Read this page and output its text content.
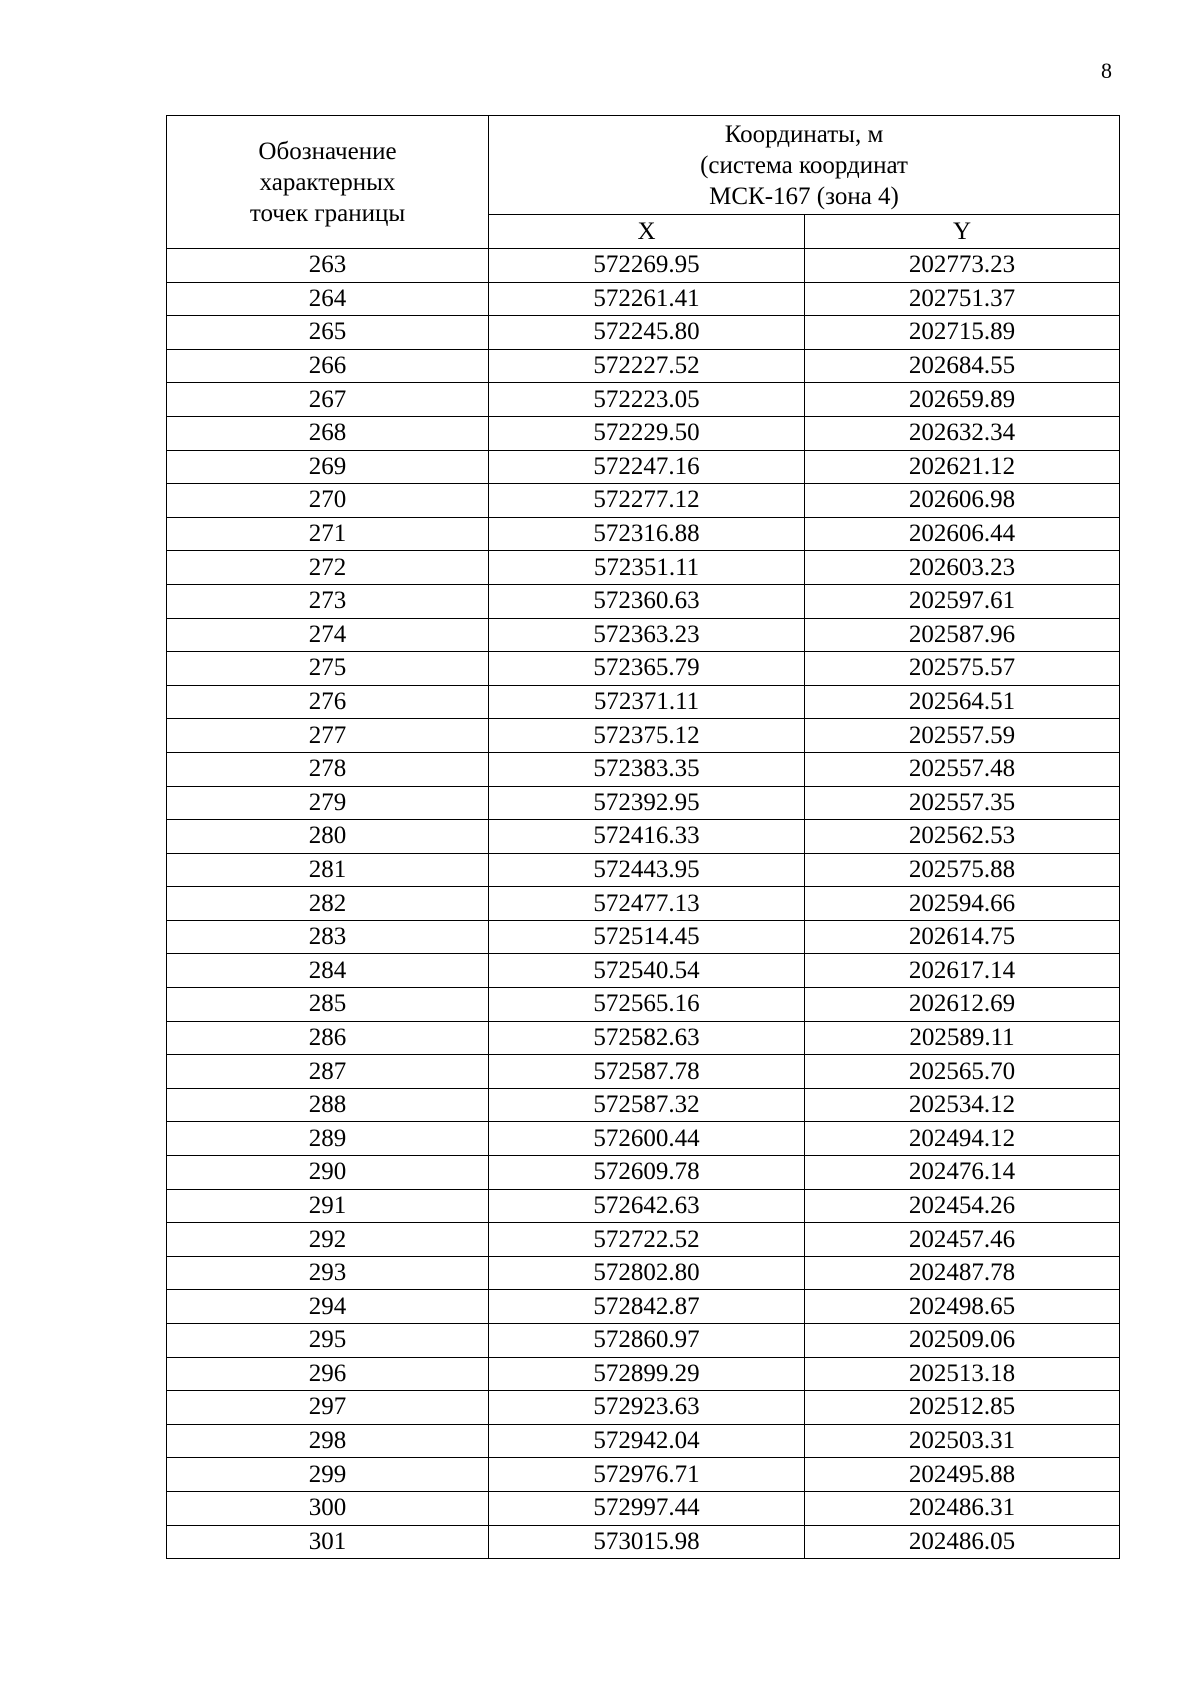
8
Обозначение
характерных
точек границы	Координаты, м
(система координат
МСК-167 (зона 4)	
	X	Y
263	572269.95	202773.23
264	572261.41	202751.37
265	572245.80	202715.89
266	572227.52	202684.55
267	572223.05	202659.89
268	572229.50	202632.34
269	572247.16	202621.12
270	572277.12	202606.98
271	572316.88	202606.44
272	572351.11	202603.23
273	572360.63	202597.61
274	572363.23	202587.96
275	572365.79	202575.57
276	572371.11	202564.51
277	572375.12	202557.59
278	572383.35	202557.48
279	572392.95	202557.35
280	572416.33	202562.53
281	572443.95	202575.88
282	572477.13	202594.66
283	572514.45	202614.75
284	572540.54	202617.14
285	572565.16	202612.69
286	572582.63	202589.11
287	572587.78	202565.70
288	572587.32	202534.12
289	572600.44	202494.12
290	572609.78	202476.14
291	572642.63	202454.26
292	572722.52	202457.46
293	572802.80	202487.78
294	572842.87	202498.65
295	572860.97	202509.06
296	572899.29	202513.18
297	572923.63	202512.85
298	572942.04	202503.31
299	572976.71	202495.88
300	572997.44	202486.31
301	573015.98	202486.05
